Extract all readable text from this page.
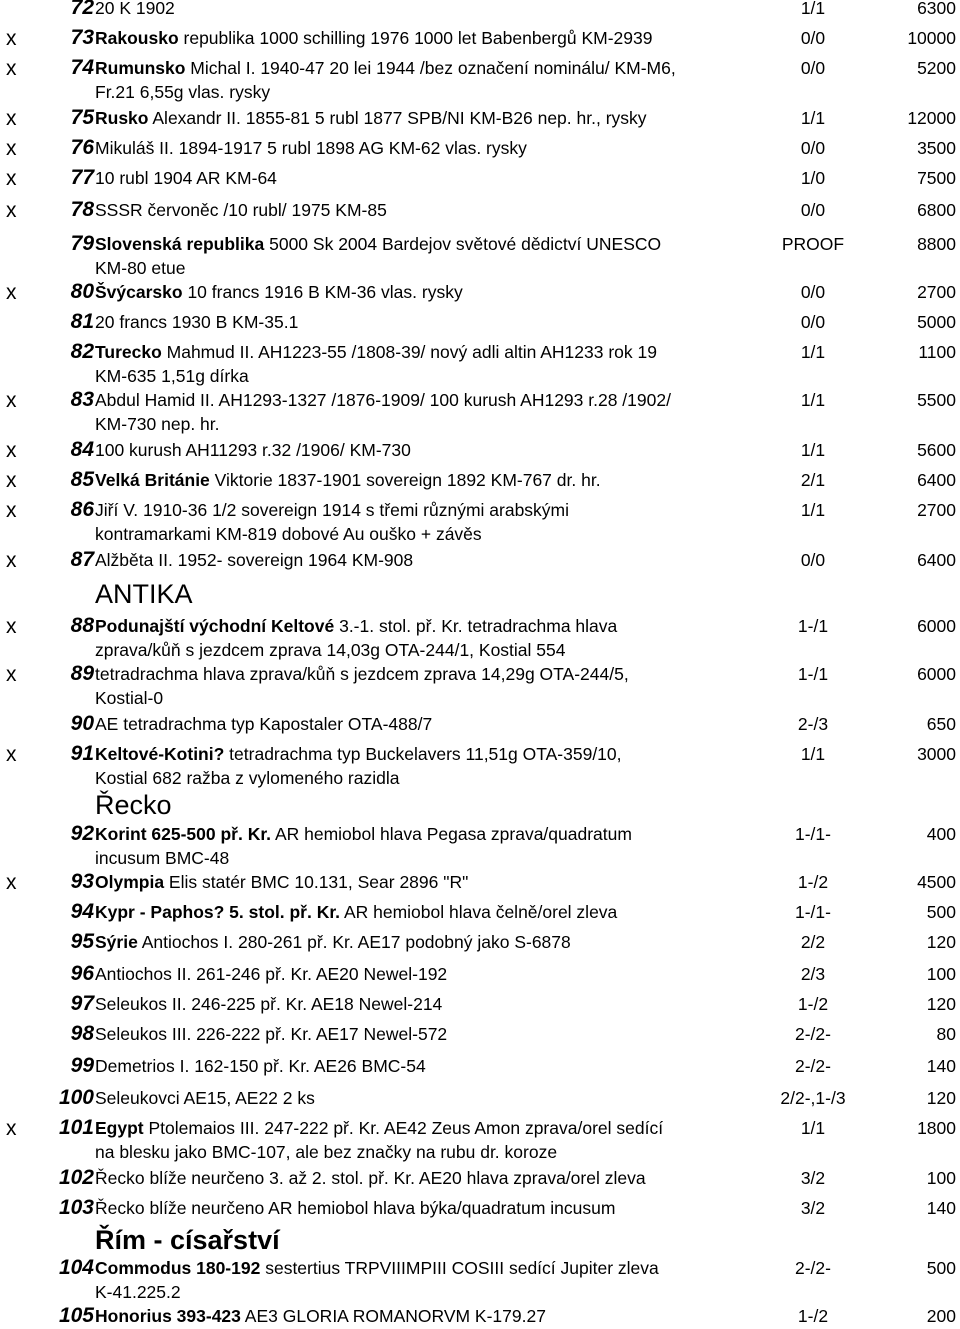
72 20 K 1902	1/1	6300
x	73 Rakousko republika 1000 schilling 1976 1000 let Babenbergů KM-2939	0/0	10000
x	74 Rumunsko Michal I. 1940-47 20 lei 1944 /bez označení nominálu/ KM-M6,
Fr.21 6,55g vlas. rysky
0/0	5200
x	75 Rusko Alexandr II. 1855-81 5 rubl 1877 SPB/NI KM-B26 nep. hr., rysky	1/1	12000
x	76 Mikuláš II. 1894-1917 5 rubl 1898 AG KM-62 vlas. rysky	0/0	3500
x	77 10 rubl 1904 AR KM-64	1/0	7500
x	78 SSSR červoněc /10 rubl/ 1975 KM-85	0/0	6800
79 Slovenská republika 5000 Sk 2004 Bardejov světové dědictví UNESCO
KM-80 etue
PROOF	8800
x	80 Švýcarsko 10 francs 1916 B KM-36 vlas. rysky	0/0	2700
81 20 francs 1930 B KM-35.1	0/0	5000
82 Turecko Mahmud II. AH1223-55 /1808-39/ nový adli altin AH1233 rok 19
KM-635 1,51g dírka
1/1	1100
x	83 Abdul Hamid II. AH1293-1327 /1876-1909/ 100 kurush AH1293 r.28 /1902/
KM-730 nep. hr.
1/1	5500
x	84 100 kurush AH11293 r.32 /1906/ KM-730	1/1	5600
x	85 Velká Británie Viktorie 1837-1901 sovereign 1892 KM-767 dr. hr.	2/1	6400
x	86 Jiří V. 1910-36 1/2 sovereign 1914 s třemi různými arabskými
kontramarkami KM-819 dobové Au ouško + závěs
1/1	2700
x	87 Alžběta II. 1952- sovereign 1964 KM-908	0/0	6400
x	88 Podunajští východní Keltové 3.-1. stol. př. Kr. tetradrachma hlava
zprava/kůň s jezdcem zprava 14,03g OTA-244/1, Kostial 554
1-/1	6000
x	89 tetradrachma hlava zprava/kůň s jezdcem zprava 14,29g OTA-244/5,
Kostial-0
1-/1	6000
90 AE tetradrachma typ Kapostaler OTA-488/7	2-/3	650
x	91 Keltové-Kotini? tetradrachma typ Buckelavers 11,51g OTA-359/10,
Kostial 682 ražba z vylomeného razidla
1/1	3000
92 Korint 625-500 př. Kr. AR hemiobol hlava Pegasa zprava/quadratum
incusum BMC-48
1-/1-	400
x	93 Olympia Elis statér BMC 10.131, Sear 2896 "R"	1-/2	4500
94 Kypr - Paphos? 5. stol. př. Kr. AR hemiobol hlava čelně/orel zleva	1-/1-	500
95 Sýrie Antiochos I. 280-261 př. Kr. AE17 podobný jako S-6878	2/2	120
96 Antiochos II. 261-246 př. Kr. AE20 Newel-192	2/3	100
97 Seleukos II. 246-225 př. Kr. AE18 Newel-214	1-/2	120
98 Seleukos III. 226-222 př. Kr. AE17 Newel-572	2-/2-	80
99 Demetrios I. 162-150 př. Kr. AE26 BMC-54	2-/2-	140
100 Seleukovci AE15, AE22 2 ks	2/2-,1-/3	120
x	101 Egypt Ptolemaios III. 247-222 př. Kr. AE42 Zeus Amon zprava/orel sedící
na blesku jako BMC-107, ale bez značky na rubu dr. koroze
1/1	1800
102 Řecko blíže neurčeno 3. až 2. stol. př. Kr. AE20 hlava zprava/orel zleva	3/2	100
103 Řecko blíže neurčeno AR hemiobol hlava býka/quadratum incusum	3/2	140
104 Commodus 180-192 sestertius TRPVIIIMPIII COSIII sedící Jupiter zleva
K-41.225.2
2-/2-	500
105 Honorius 393-423 AE3 GLORIA ROMANORVM K-179.27	1-/2	200
ANTIKA
Řecko
Řím - císařství
